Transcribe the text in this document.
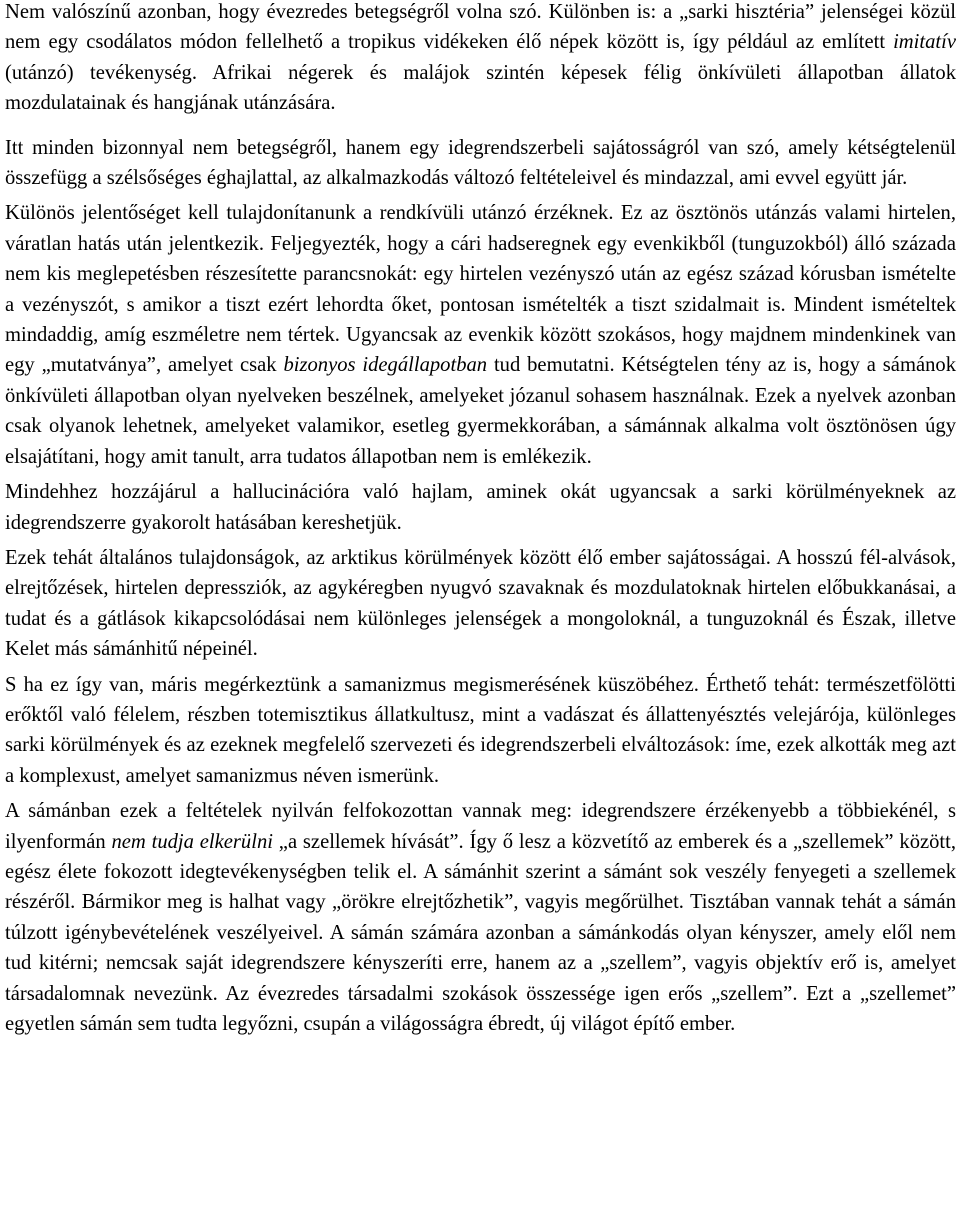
Nem valószínű azonban, hogy évezredes betegségről volna szó. Különben is: a „sarki hisztéria” jelenségei közül nem egy csodálatos módon fellelhető a tropikus vidékeken élő népek között is, így például az említett imitatív (utánzó) tevékenység. Afrikai négerek és malájok szintén képesek félig önkívületi állapotban állatok mozdulatainak és hangjának utánzására.

Itt minden bizonnyal nem betegségről, hanem egy idegrendszerbeli sajátosságról van szó, amely kétségtelenül összefügg a szélsőséges éghajlattal, az alkalmazkodás változó feltételeivel és mindazzal, ami evvel együtt jár.

Különös jelentőséget kell tulajdonítanunk a rendkívüli utánzó érzéknek. Ez az ösztönös utánzás valami hirtelen, váratlan hatás után jelentkezik. Feljegyezték, hogy a cári hadseregnek egy evenkikből (tunguzokból) álló százada nem kis meglepetésben részesítette parancsnokát: egy hirtelen vezényszó után az egész század kórusban ismételte a vezényszót, s amikor a tiszt ezért lehordta őket, pontosan ismételték a tiszt szidalmait is. Mindent ismételtek mindaddig, amíg eszméletre nem tértek. Ugyancsak az evenkik között szokásos, hogy majdnem mindenkinek van egy „mutatványa”, amelyet csak bizonyos idegállapotban tud bemutatni. Kétségtelen tény az is, hogy a sámánok önkívületi állapotban olyan nyelveken beszélnek, amelyeket józanul sohasem használnak. Ezek a nyelvek azonban csak olyanok lehetnek, amelyeket valamikor, esetleg gyermekkorában, a sámánnak alkalma volt ösztönösen úgy elsajátítani, hogy amit tanult, arra tudatos állapotban nem is emlékezik.

Mindehhez hozzájárul a hallucinációra való hajlam, aminek okát ugyancsak a sarki körülményeknek az idegrendszerre gyakorolt hatásában kereshetjük.

Ezek tehát általános tulajdonságok, az arktikus körülmények között élő ember sajátosságai. A hosszú fél-alvások, elrejtőzések, hirtelen depressziók, az agykéregben nyugvó szavaknak és mozdulatoknak hirtelen előbukkanásai, a tudat és a gátlások kikapcsolódásai nem különleges jelenségek a mongoloknál, a tunguzoknál és Észak, illetve Kelet más sámánhitű népeinél.

S ha ez így van, máris megérkeztünk a samanizmus megismerésének küszöbéhez. Érthető tehát: természetfölötti erőktől való félelem, részben totemisztikus állatkultusz, mint a vadászat és állattenyésztés velejárója, különleges sarki körülmények és az ezeknek megfelelő szervezeti és idegrendszerbeli elváltozások: íme, ezek alkották meg azt a komplexust, amelyet samanizmus néven ismerünk.

A sámánban ezek a feltételek nyilván felfokozottan vannak meg: idegrendszere érzékenyebb a többiekénél, s ilyenformán nem tudja elkerülni „a szellemek hívását”. Így ő lesz a közvetítő az emberek és a „szellemek” között, egész élete fokozott idegtevékenységben telik el. A sámánhit szerint a sámánt sok veszély fenyegeti a szellemek részéről. Bármikor meg is halhat vagy „örökre elrejtőzhetik”, vagyis megőrülhet. Tisztában vannak tehát a sámán túlzott igénybevételének veszélyeivel. A sámán számára azonban a sámánkodás olyan kényszer, amely elől nem tud kitérni; nemcsak saját idegrendszere kényszeríti erre, hanem az a „szellem”, vagyis objektív erő is, amelyet társadalomnak nevezünk. Az évezredes társadalmi szokások összessége igen erős „szellem”. Ezt a „szellemet” egyetlen sámán sem tudta legyőzni, csupán a világosságra ébredt, új világot építő ember.
